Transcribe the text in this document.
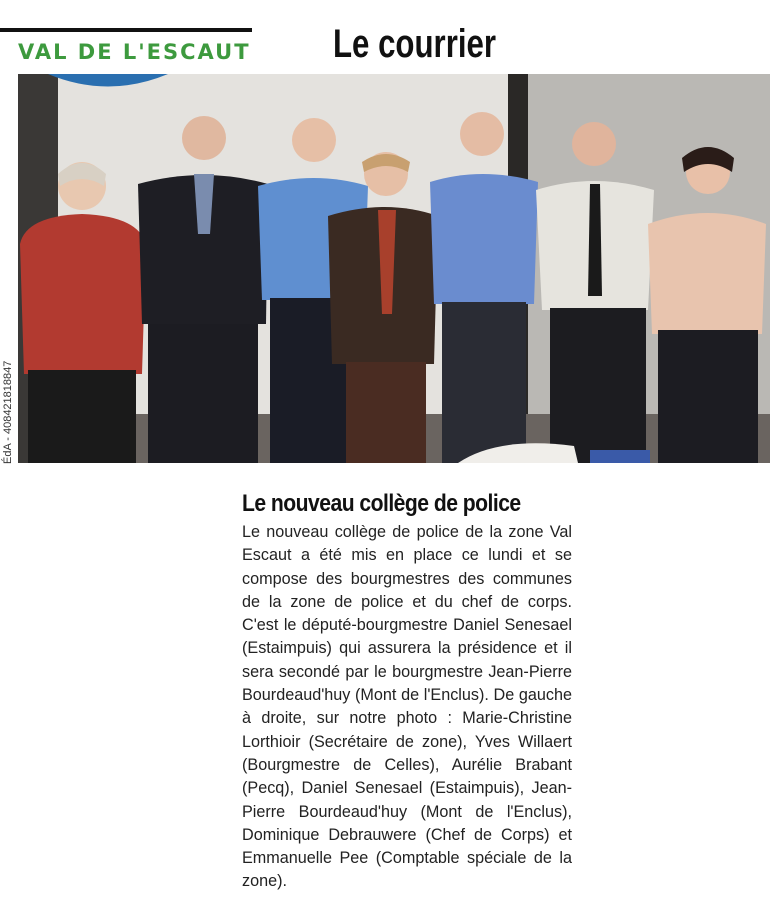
VAL DE L'ESCAUT Le courrier
ÉdA - 408421818847
Le nouveau collège de police

Le nouveau collège de police de la zone Val Escaut a été mis en place ce lundi et se compose des bourgmestres des communes de la zone de police et du chef de corps. C'est le député-bourgmestre Daniel Senesael (Estaimpuis) qui assurera la présidence et il sera secondé par le bourgmestre Jean-Pierre Bourdeaud'huy (Mont de l'Enclus). De gauche à droite, sur notre photo : Marie-Christine Lorthioir (Secrétaire de zone), Yves Willaert (Bourgmestre de Celles), Aurélie Brabant (Pecq), Daniel Senesael (Estaimpuis), Jean-Pierre Bourdeaud'huy (Mont de l'Enclus), Dominique Debrauwere (Chef de Corps) et Emmanuelle Pee (Comptable spéciale de la zone).
